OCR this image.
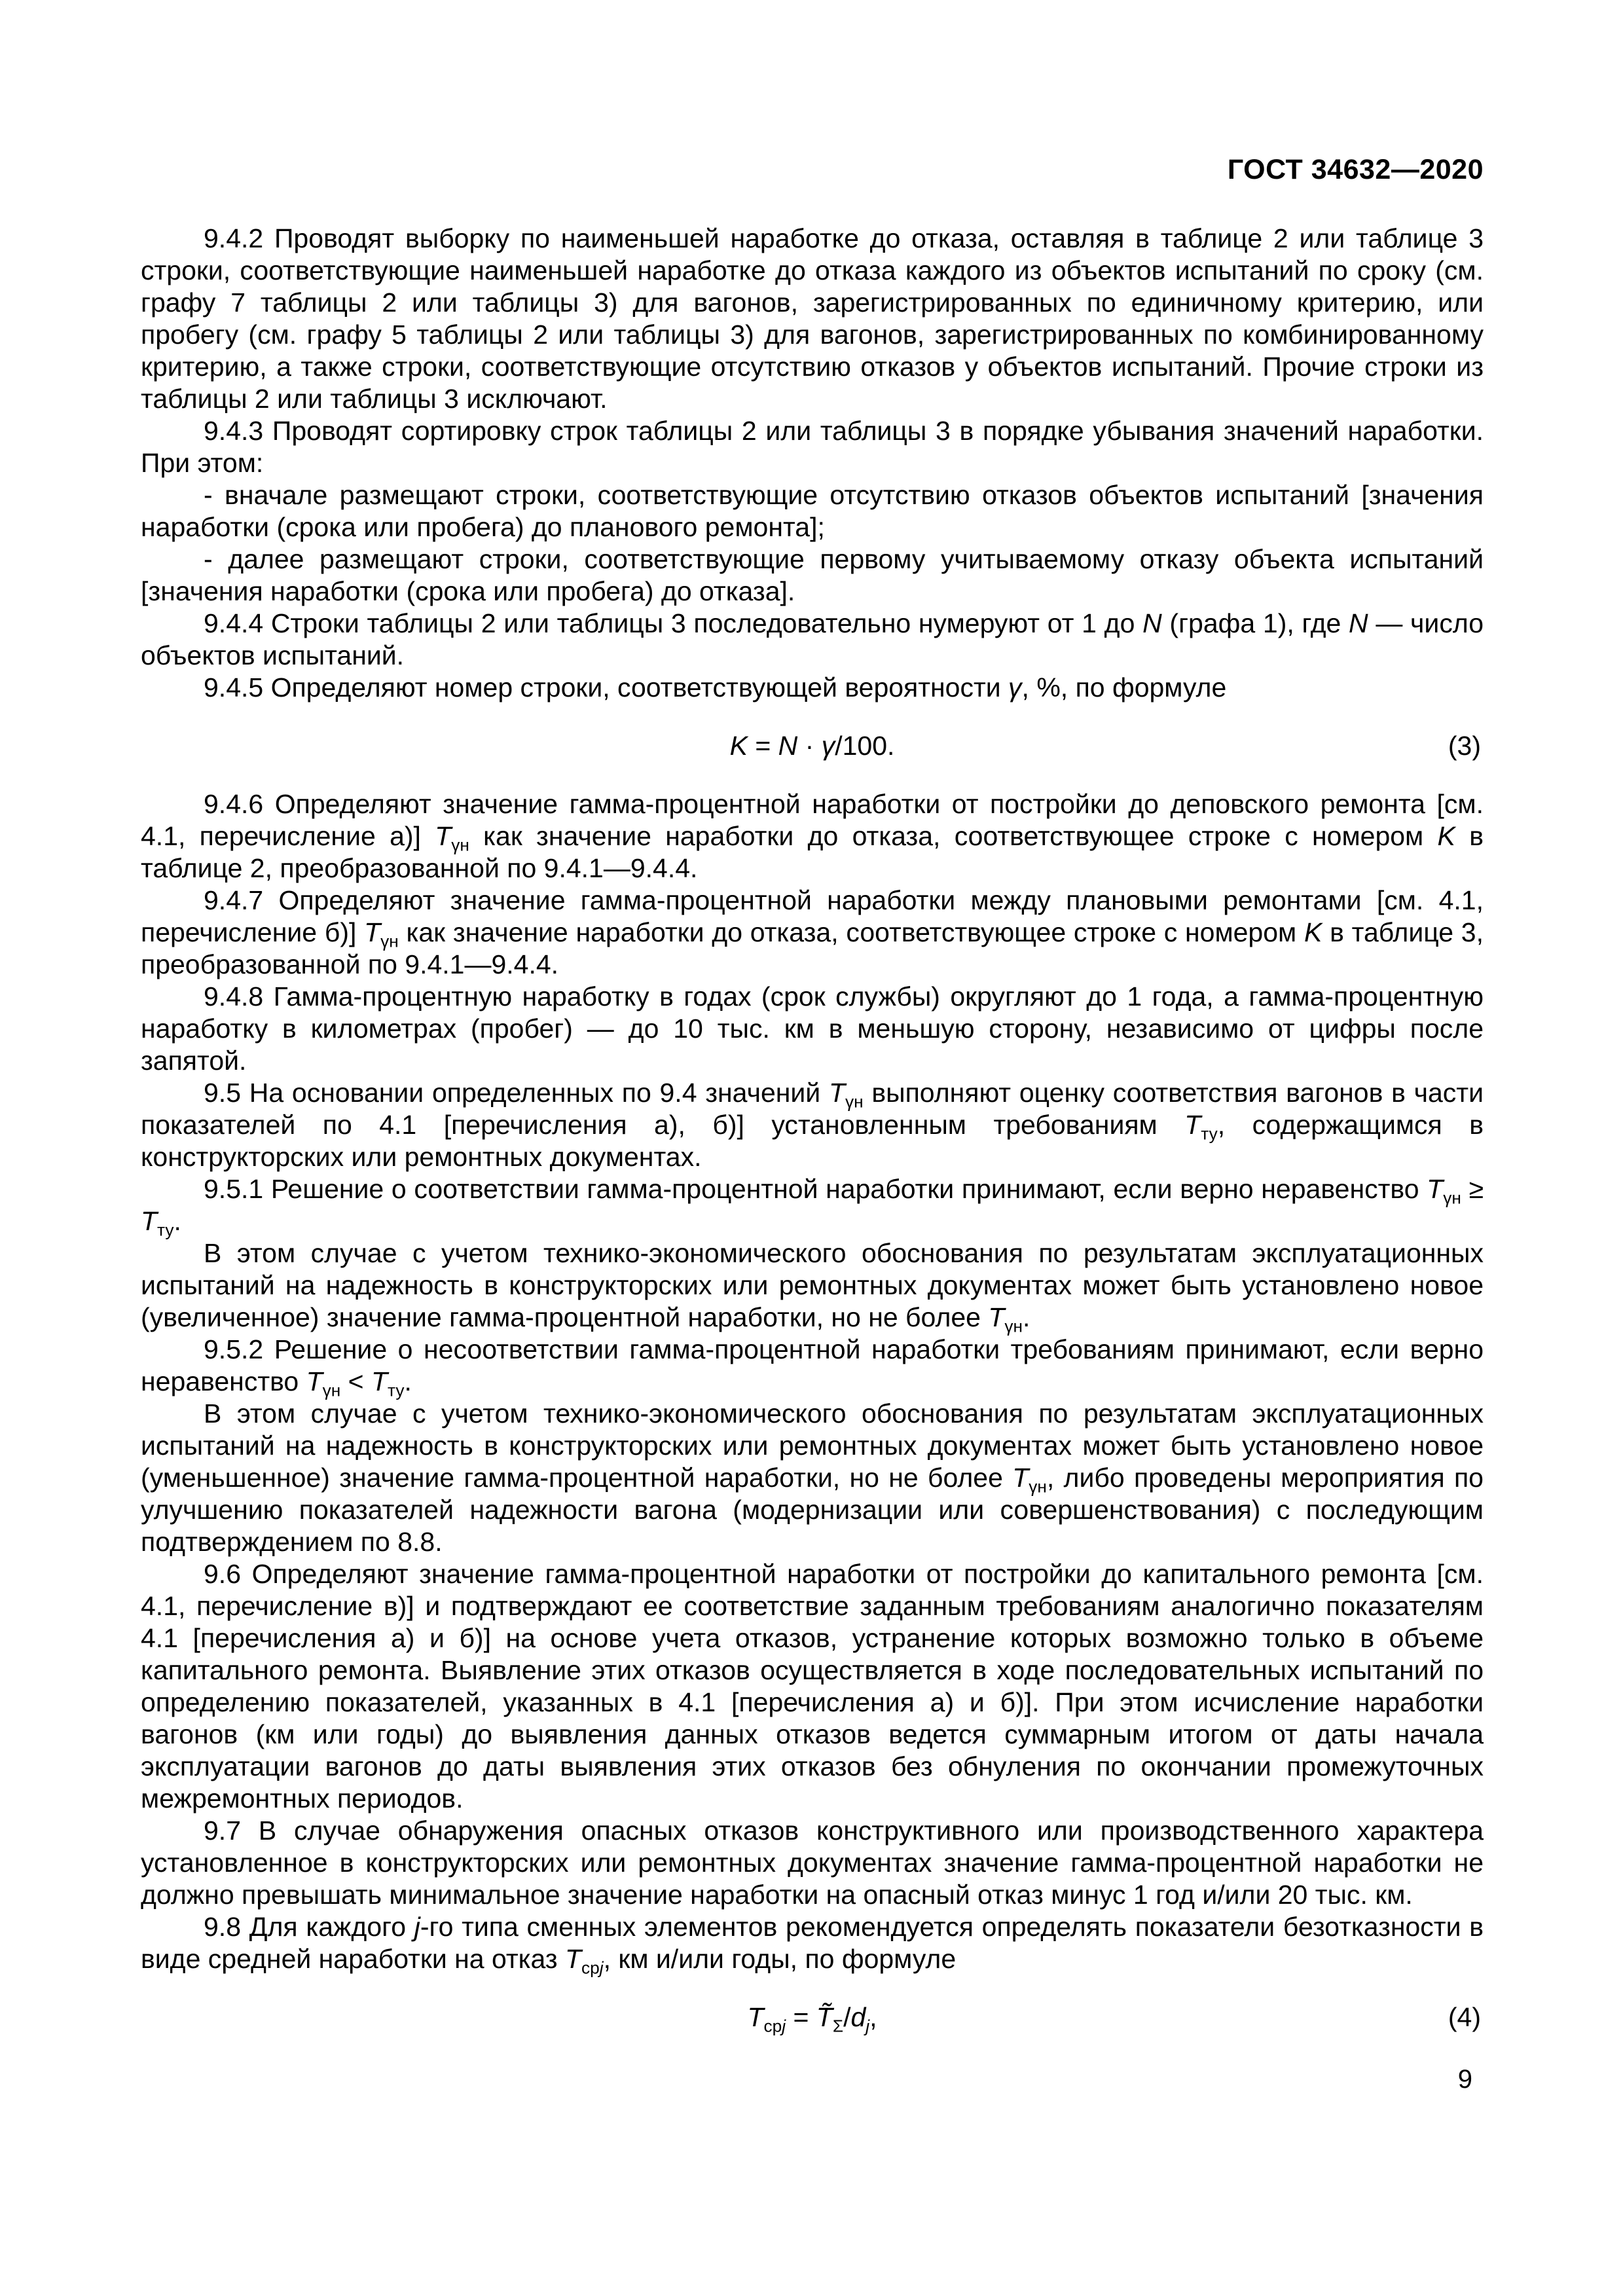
ГОСТ 34632—2020

9.4.2 Проводят выборку по наименьшей наработке до отказа, оставляя в таблице 2 или таблице 3 строки, соответствующие наименьшей наработке до отказа каждого из объектов испытаний по сроку (см. графу 7 таблицы 2 или таблицы 3) для вагонов, зарегистрированных по единичному критерию, или пробегу (см. графу 5 таблицы 2 или таблицы 3) для вагонов, зарегистрированных по комбинированному критерию, а также строки, соответствующие отсутствию отказов у объектов испытаний. Прочие строки из таблицы 2 или таблицы 3 исключают.

9.4.3 Проводят сортировку строк таблицы 2 или таблицы 3 в порядке убывания значений наработки. При этом:

- вначале размещают строки, соответствующие отсутствию отказов объектов испытаний [значения наработки (срока или пробега) до планового ремонта];

- далее размещают строки, соответствующие первому учитываемому отказу объекта испытаний [значения наработки (срока или пробега) до отказа].

9.4.4 Строки таблицы 2 или таблицы 3 последовательно нумеруют от 1 до N (графа 1), где N — число объектов испытаний.

9.4.5 Определяют номер строки, соответствующей вероятности γ, %, по формуле

K = N · γ/100.	(3)

9.4.6 Определяют значение гамма-процентной наработки от постройки до деповского ремонта [см. 4.1, перечисление а)] $T_{\gamma н}$ как значение наработки до отказа, соответствующее строке с номером K в таблице 2, преобразованной по 9.4.1—9.4.4.

9.4.7 Определяют значение гамма-процентной наработки между плановыми ремонтами [см. 4.1, перечисление б)] $T_{\gamma н}$ как значение наработки до отказа, соответствующее строке с номером K в таблице 3, преобразованной по 9.4.1—9.4.4.

9.4.8 Гамма-процентную наработку в годах (срок службы) округляют до 1 года, а гамма-процентную наработку в километрах (пробег) — до 10 тыс. км в меньшую сторону, независимо от цифры после запятой.

9.5 На основании определенных по 9.4 значений $T_{\gamma н}$ выполняют оценку соответствия вагонов в части показателей по 4.1 [перечисления а), б)] установленным требованиям $T_{ту}$, содержащимся в конструкторских или ремонтных документах.

9.5.1 Решение о соответствии гамма-процентной наработки принимают, если верно неравенство $T_{\gamma н} \ge T_{ту}$.

В этом случае с учетом технико-экономического обоснования по результатам эксплуатационных испытаний на надежность в конструкторских или ремонтных документах может быть установлено новое (увеличенное) значение гамма-процентной наработки, но не более $T_{\gamma н}$.

9.5.2 Решение о несоответствии гамма-процентной наработки требованиям принимают, если верно неравенство $T_{\gamma н} < T_{ту}$.

В этом случае с учетом технико-экономического обоснования по результатам эксплуатационных испытаний на надежность в конструкторских или ремонтных документах может быть установлено новое (уменьшенное) значение гамма-процентной наработки, но не более $T_{\gamma н}$, либо проведены мероприятия по улучшению показателей надежности вагона (модернизации или совершенствования) с последующим подтверждением по 8.8.

9.6 Определяют значение гамма-процентной наработки от постройки до капитального ремонта [см. 4.1, перечисление в)] и подтверждают ее соответствие заданным требованиям аналогично показателям 4.1 [перечисления а) и б)] на основе учета отказов, устранение которых возможно только в объеме капитального ремонта. Выявление этих отказов осуществляется в ходе последовательных испытаний по определению показателей, указанных в 4.1 [перечисления а) и б)]. При этом исчисление наработки вагонов (км или годы) до выявления данных отказов ведется суммарным итогом от даты начала эксплуатации вагонов до даты выявления этих отказов без обнуления по окончании промежуточных межремонтных периодов.

9.7 В случае обнаружения опасных отказов конструктивного или производственного характера установленное в конструкторских или ремонтных документах значение гамма-процентной наработки не должно превышать минимальное значение наработки на опасный отказ минус 1 год и/или 20 тыс. км.

9.8 Для каждого j-го типа сменных элементов рекомендуется определять показатели безотказности в виде средней наработки на отказ $T_{срj}$, км и/или годы, по формуле

$T_{срj}$ = $T̃_\Sigma/d_j$,	(4)
9
